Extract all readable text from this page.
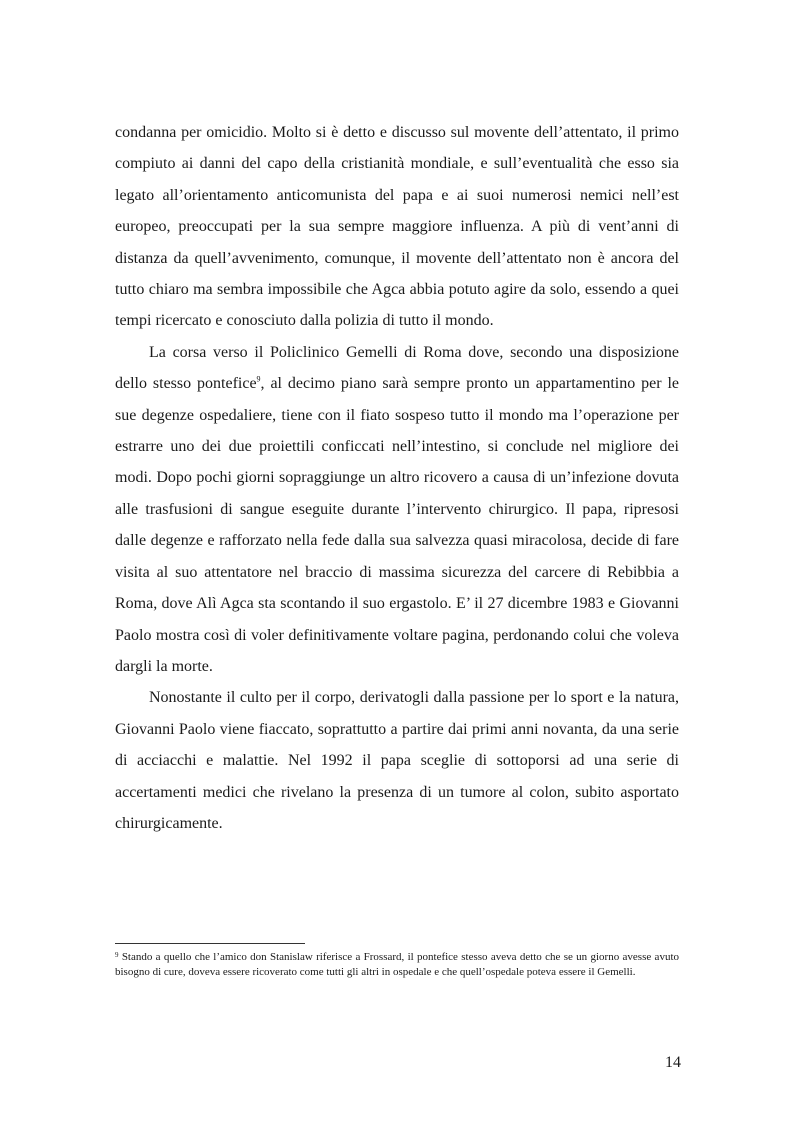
condanna per omicidio. Molto si è detto e discusso sul movente dell’attentato, il primo compiuto ai danni del capo della cristianità mondiale, e sull’eventualità che esso sia legato all’orientamento anticomunista del papa e ai suoi numerosi nemici nell’est europeo, preoccupati per la sua sempre maggiore influenza. A più di vent’anni di distanza da quell’avvenimento, comunque, il movente dell’attentato non è ancora del tutto chiaro ma sembra impossibile che Agca abbia potuto agire da solo, essendo a quei tempi ricercato e conosciuto dalla polizia di tutto il mondo.

La corsa verso il Policlinico Gemelli di Roma dove, secondo una disposizione dello stesso pontefice$^9$, al decimo piano sarà sempre pronto un appartamentino per le sue degenze ospedaliere, tiene con il fiato sospeso tutto il mondo ma l’operazione per estrarre uno dei due proiettili conficcati nell’intestino, si conclude nel migliore dei modi. Dopo pochi giorni sopraggiunge un altro ricovero a causa di un’infezione dovuta alle trasfusioni di sangue eseguite durante l’intervento chirurgico. Il papa, ripresosi dalle degenze e rafforzato nella fede dalla sua salvezza quasi miracolosa, decide di fare visita al suo attentatore nel braccio di massima sicurezza del carcere di Rebibbia a Roma, dove Alì Agca sta scontando il suo ergastolo. E’ il 27 dicembre 1983 e Giovanni Paolo mostra così di voler definitivamente voltare pagina, perdonando colui che voleva dargli la morte.

Nonostante il culto per il corpo, derivatogli dalla passione per lo sport e la natura, Giovanni Paolo viene fiaccato, soprattutto a partire dai primi anni novanta, da una serie di acciacchi e malattie. Nel 1992 il papa sceglie di sottoporsi ad una serie di accertamenti medici che rivelano la presenza di un tumore al colon, subito asportato chirurgicamente.

$^9$ Stando a quello che l’amico don Stanislaw riferisce a Frossard, il pontefice stesso aveva detto che se un giorno avesse avuto bisogno di cure, doveva essere ricoverato come tutti gli altri in ospedale e che quell’ospedale poteva essere il Gemelli.

14
